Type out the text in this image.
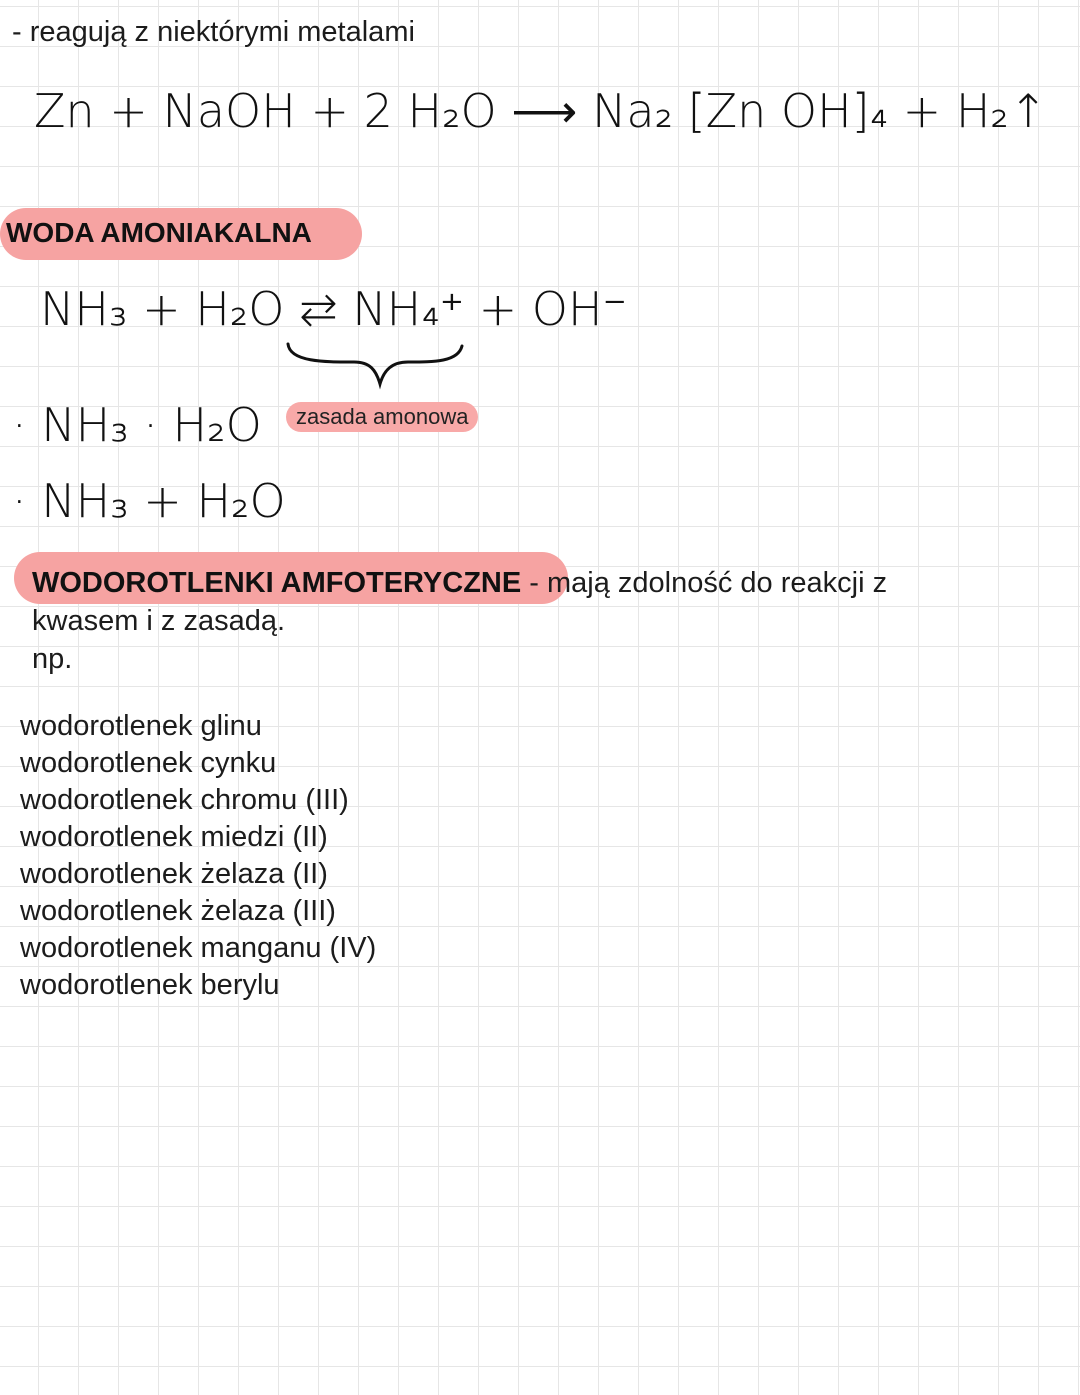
- reagują z niektórymi metalami
Zn + NaOH + 2 H₂O ⟶ Na₂ [Zn OH]₄ + H₂↑
WODA AMONIAKALNA
NH₃ + H₂O ⇄ NH₄⁺ + OH⁻
zasada amonowa
· NH₃ · H₂O
· NH₃ + H₂O
WODOROTLENKI AMFOTERYCZNE - mają zdolność do reakcji z
kwasem i z zasadą.
np.
wodorotlenek glinu
wodorotlenek cynku
wodorotlenek chromu (III)
wodorotlenek miedzi (II)
wodorotlenek żelaza (II)
wodorotlenek żelaza (III)
wodorotlenek manganu (IV)
wodorotlenek berylu
